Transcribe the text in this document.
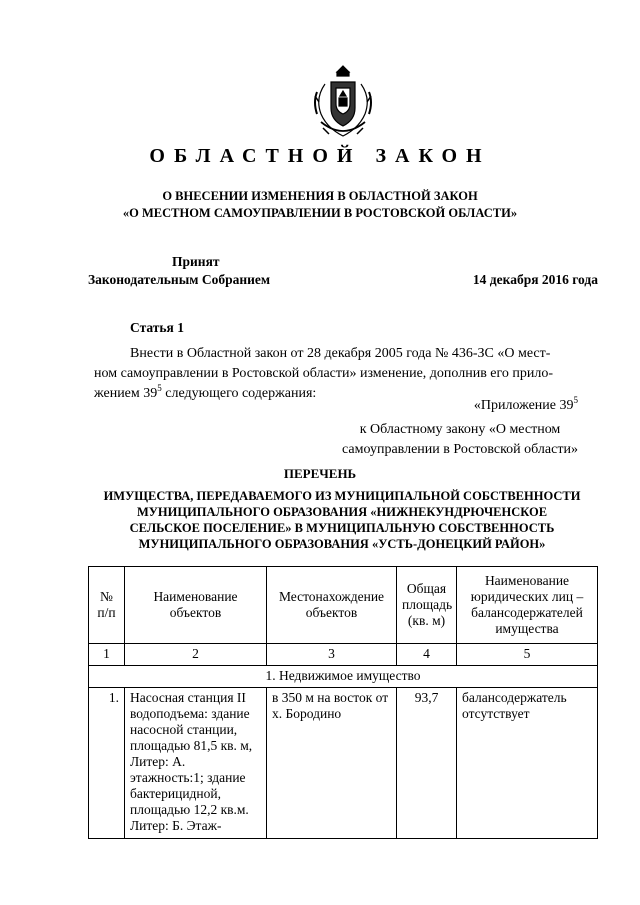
ОБЛАСТНОЙ ЗАКОН
О ВНЕСЕНИИ ИЗМЕНЕНИЯ В ОБЛАСТНОЙ ЗАКОН
«О МЕСТНОМ САМОУПРАВЛЕНИИ В РОСТОВСКОЙ ОБЛАСТИ»
Принят
Законодательным Собранием	14 декабря 2016 года
Статья 1
Внести в Областной закон от 28 декабря 2005 года № 436-ЗС «О мест-
ном самоуправлении в Ростовской области» изменение, дополнив его прило-
жением $39^5$ следующего содержания:
«Приложение $39^5$
к Областному закону «О местном
самоуправлении в Ростовской области»
ПЕРЕЧЕНЬ
ИМУЩЕСТВА, ПЕРЕДАВАЕМОГО ИЗ МУНИЦИПАЛЬНОЙ СОБСТВЕННОСТИ
МУНИЦИПАЛЬНОГО ОБРАЗОВАНИЯ «НИЖНЕКУНДРЮЧЕНСКОЕ
СЕЛЬСКОЕ ПОСЕЛЕНИЕ» В МУНИЦИПАЛЬНУЮ СОБСТВЕННОСТЬ
МУНИЦИПАЛЬНОГО ОБРАЗОВАНИЯ «УСТЬ-ДОНЕЦКИЙ РАЙОН»
№ п/п	Наименование объектов	Местонахождение объектов	Общая площадь (кв. м)	Наименование юридических лиц – балансодержателей имущества
1	2	3	4	5
1. Недвижимое имущество				
1.	Насосная станция II водоподъема: здание насосной станции, площадью 81,5 кв. м, Литер: А. этажность:1; здание бактерицидной, площадью 12,2 кв.м. Литер: Б. Этаж-	в 350 м на восток от х. Бородино	93,7	балансодержатель отсутствует
